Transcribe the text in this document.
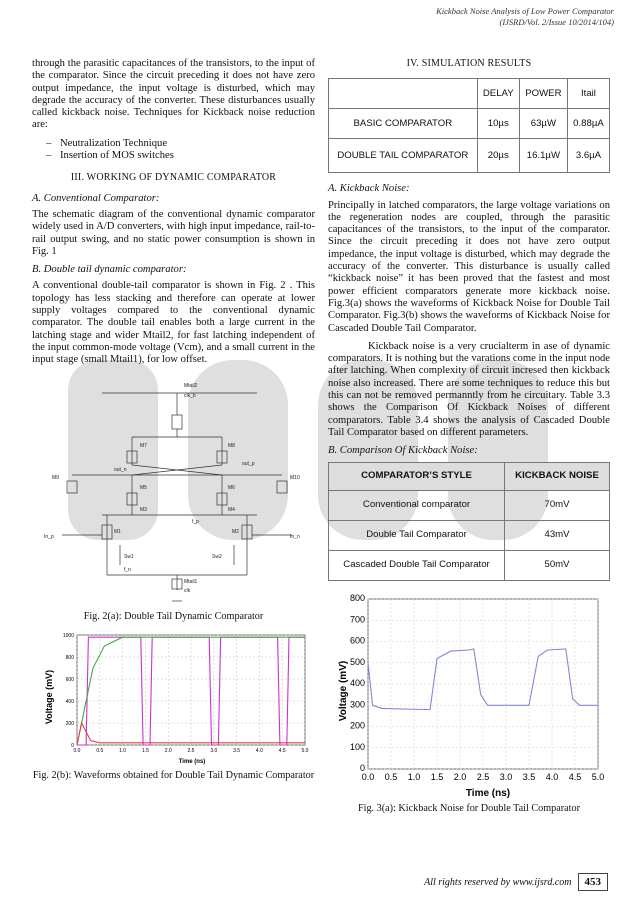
Kickback Noise Analysis of Low Power Comparator
(IJSRD/Vol. 2/Issue 10/2014/104)

through the parasitic capacitances of the transistors, to the input of the comparator. Since the circuit preceding it does not have zero output impedance, the input voltage is disturbed, which may degrade the accuracy of the converter. These disturbances usually called kickback noise. Techniques for Kickback noise reduction are:

– Neutralization Technique
– Insertion of MOS switches
III. WORKING OF DYNAMIC COMPARATOR
A. Conventional Comparator:

The schematic diagram of the conventional dynamic comparator widely used in A/D converters, with high input impedance, rail-to-rail output swing, and no static power consumption is shown in Fig. 1

B. Double tail dynamic comparator:

A conventional double-tail comparator is shown in Fig. 2 . This topology has less stacking and therefore can operate at lower supply voltages compared to the conventional dynamic comparator. The double tail enables both a large current in the latching stage and wider Mtail2, for fast latching independent of the input common-mode voltage (Vcm), and a small current in the input stage (small Mtail1), for low offset.

Mtail2
clk_b
M7	M8
out_p
out_n
M9	M10
M5	M6
M3	M4
f_p
M1	M2
In_p	In_n
Sw1	Sw2
f_n
Mtail1
clk
Fig. 2(a): Double Tail Dynamic Comparator
Voltage (mV)
Time (ns)
0
200
400
600
800
1000
0.0	0.5	1.0	1.5	2.0	2.5	3.0	3.5	4.0	4.5	5.0
Fig. 2(b): Waveforms obtained for Double Tail Dynamic Comparator
IV. SIMULATION RESULTS
	DELAY	POWER	Itail
BASIC COMPARATOR	10µs	63µW	0.88µA
DOUBLE TAIL COMPARATOR	20µs	16.1µW	3.6µA
A. Kickback Noise:

Principally in latched comparators, the large voltage variations on the regeneration nodes are coupled, through the parasitic capacitances of the transistors, to the input of the comparator. Since the circuit preceding it does not have zero output impedance, the input voltage is disturbed, which may degrade the accuracy of the converter. This disturbance is usually called “kickback noise” it has been proved that the fastest and most power efficient comparators generate more kickback noise. Fig.3(a) shows the waveforms of Kickback Noise for Double Tail Comparator. Fig.3(b) shows the waveforms of Kickback Noise for Cascaded Double Tail Comparator.

Kickback noise is a very crucialterm in ase of dynamic comparators. It is nothing but the varations come in the input node after latching. When complexity of circuit incresed then kickback noise also increased. There are some techniques to reduce this but this can not be removed permanntly from he circuitary. Table 3.3 shows the Comparison Of Kickback Noises of different comparators. Table 3.4 shows the analysis of Cascaded Double Tail Comparator based on different parameters.

B. Comparison Of Kickback Noise:
COMPARATOR’S STYLE	KICKBACK NOISE
Conventional comparator	70mV
Double Tail Comparator	43mV
Cascaded Double Tail Comparator	50mV
Voltage (mV)
Time (ns)
0
100
200
300
400
500
600
700
800
0.0 0.5 1.0 1.5 2.0 2.5 3.0 3.5 4.0 4.5 5.0
Fig. 3(a): Kickback Noise for Double Tail Comparator
All rights reserved by www.ijsrd.com	453
